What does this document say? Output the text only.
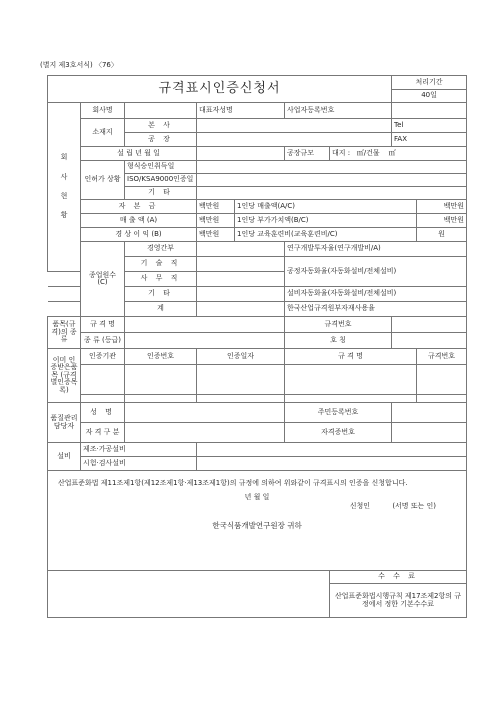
(별지 제3호서식) 〈76〉
규격표시인증신청서							처리기간
40일		

회
사
현
황	회사명		대표자성명		사업자등록번호				
	소재지	본 사					Tel		
		공 장					FAX		
	설 립 년 월 일				공장규모	대지 : ㎡/건물 ㎡			
	인허가 상황	형식승인취득일							
		ISO/KSA9000인증일							
		기 타							
	자 본 금		백만원	1인당 매출액(A/C)				백만원	
	매 출 액 (A)		백만원	1인당 부가가치액(B/C)				백만원	
	경 상 이 익 (B)		백만원	1인당 교육훈련비(교육훈련비/C)				원	
	종업원수 (C)	경영간부			연구개발투자율(연구개발비/A)	
		기 술 직			공정자동화율(자동화설비/전체설비)	
		사 무 직		
		기 타			설비자동화율(자동화설비/전체설비)	
		계			한국산업규격원부자재사용율	
품목(규격)의 종류	규 격 명				규격번호				
	종 류 (등급)				호 칭				
이미 인증받은품목 (규격별인증목록)	인증기관	인증번호	인증일자		규 격 명			규격번호	

품질관리 담당자	성 명				주민등록번호				
	자 격 구 분				자격증번호				
설비	제조·가공설비								
	시험·검사설비								

산업표준화법 제11조제1항(제12조제1항·제13조제1항)의 규정에 의하여 위와같이 규격표시의 인증을 신청합니다.

년 월 일
신청인 (서명 또는 인)
한국식품개발연구원장 귀하									

						수 수 료			
						산업표준화법시행규칙 제17조제2항의 규정에서 정한 기본수수료			
